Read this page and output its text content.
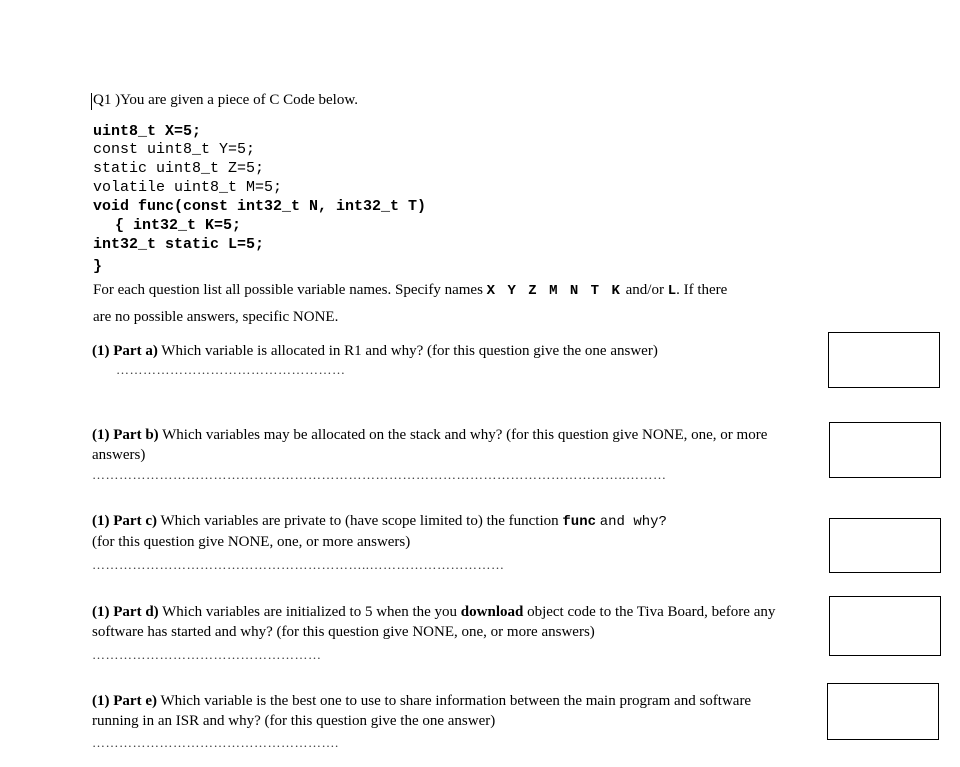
Q1 )You are given a piece of C Code below.
uint8_t X=5;
const uint8_t Y=5;
static uint8_t Z=5;
volatile uint8_t M=5;
void func(const int32_t N, int32_t T)
{ int32_t K=5;
int32_t static L=5;
}
For each question list all possible variable names. Specify names X Y Z M N T K and/or L. If there
are no possible answers, specific NONE.
(1) Part a) Which variable is allocated in R1 and why? (for this question give the one answer)
……………………………………………
(1) Part b) Which variables may be allocated on the stack and why? (for this question give NONE, one, or more answers)
………………………………………………………………………………………………………..………
(1) Part c) Which variables are private to (have scope limited to) the function func and why?
(for this question give NONE, one, or more answers)
……………………………………………………..…………………………
(1) Part d) Which variables are initialized to 5 when the you download object code to the Tiva Board, before any software has started and why? (for this question give NONE, one, or more answers)
……………………………………………
(1) Part e) Which variable is the best one to use to share information between the main program and software running in an ISR and why? (for this question give the one answer)
……………………………………………….
